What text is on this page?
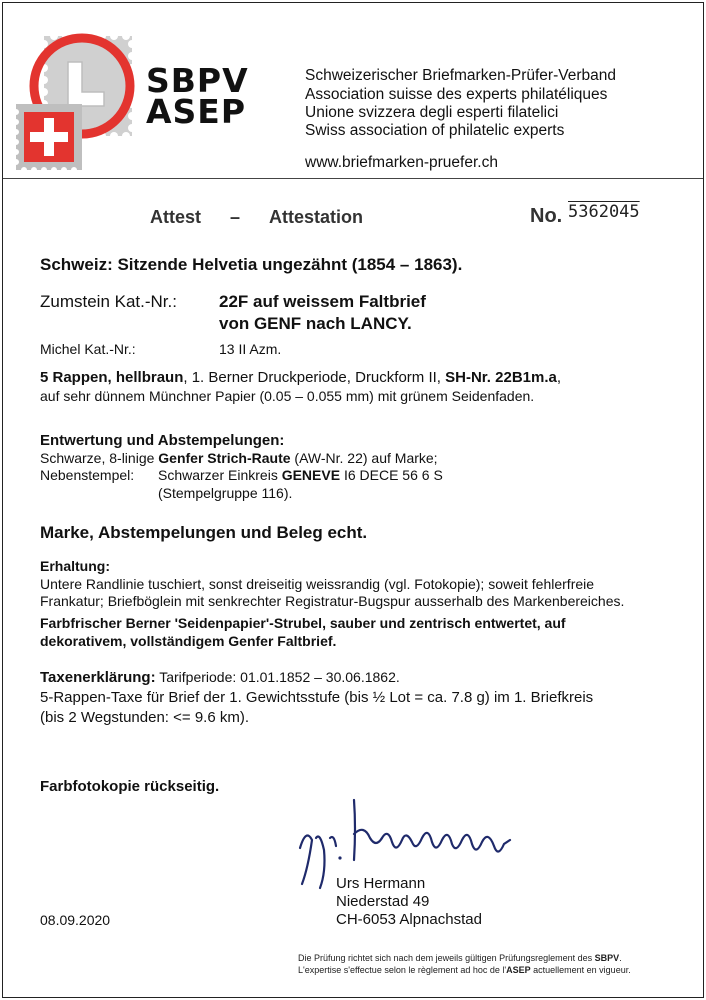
SBPV
ASEP
Schweizerischer Briefmarken-Prüfer-Verband
Association suisse des experts philatéliques
Unione svizzera degli esperti filatelici
Swiss association of philatelic experts
www.briefmarken-pruefer.ch
Attest – Attestation	No. 5362045
Schweiz: Sitzende Helvetia ungezähnt (1854 – 1863).
Zumstein Kat.-Nr.: 22F auf weissem Faltbrief
von GENF nach LANCY.
Michel Kat.-Nr.:	13 II Azm.
5 Rappen, hellbraun, 1. Berner Druckperiode, Druckform II, SH-Nr. 22B1m.a,
auf sehr dünnem Münchner Papier (0.05 – 0.055 mm) mit grünem Seidenfaden.
Entwertung und Abstempelungen:
Schwarze, 8-linige Genfer Strich-Raute (AW-Nr. 22) auf Marke;
Nebenstempel: Schwarzer Einkreis GENEVE I6 DECE 56 6 S
(Stempelgruppe 116).
Marke, Abstempelungen und Beleg echt.
Erhaltung:
Untere Randlinie tuschiert, sonst dreiseitig weissrandig (vgl. Fotokopie); soweit fehlerfreie
Frankatur; Briefböglein mit senkrechter Registratur-Bugspur ausserhalb des Markenbereiches.
Farbfrischer Berner 'Seidenpapier'-Strubel, sauber und zentrisch entwertet, auf
dekorativem, vollständigem Genfer Faltbrief.
Taxenerklärung: Tarifperiode: 01.01.1852 – 30.06.1862.
5-Rappen-Taxe für Brief der 1. Gewichtsstufe (bis ½ Lot = ca. 7.8 g) im 1. Briefkreis
(bis 2 Wegstunden: <= 9.6 km).
Farbfotokopie rückseitig.
Urs Hermann
Niederstad 49
CH-6053 Alpnachstad
08.09.2020
Die Prüfung richtet sich nach dem jeweils gültigen Prüfungsreglement des SBPV.
L'expertise s'effectue selon le règlement ad hoc de l'ASEP actuellement en vigueur.
